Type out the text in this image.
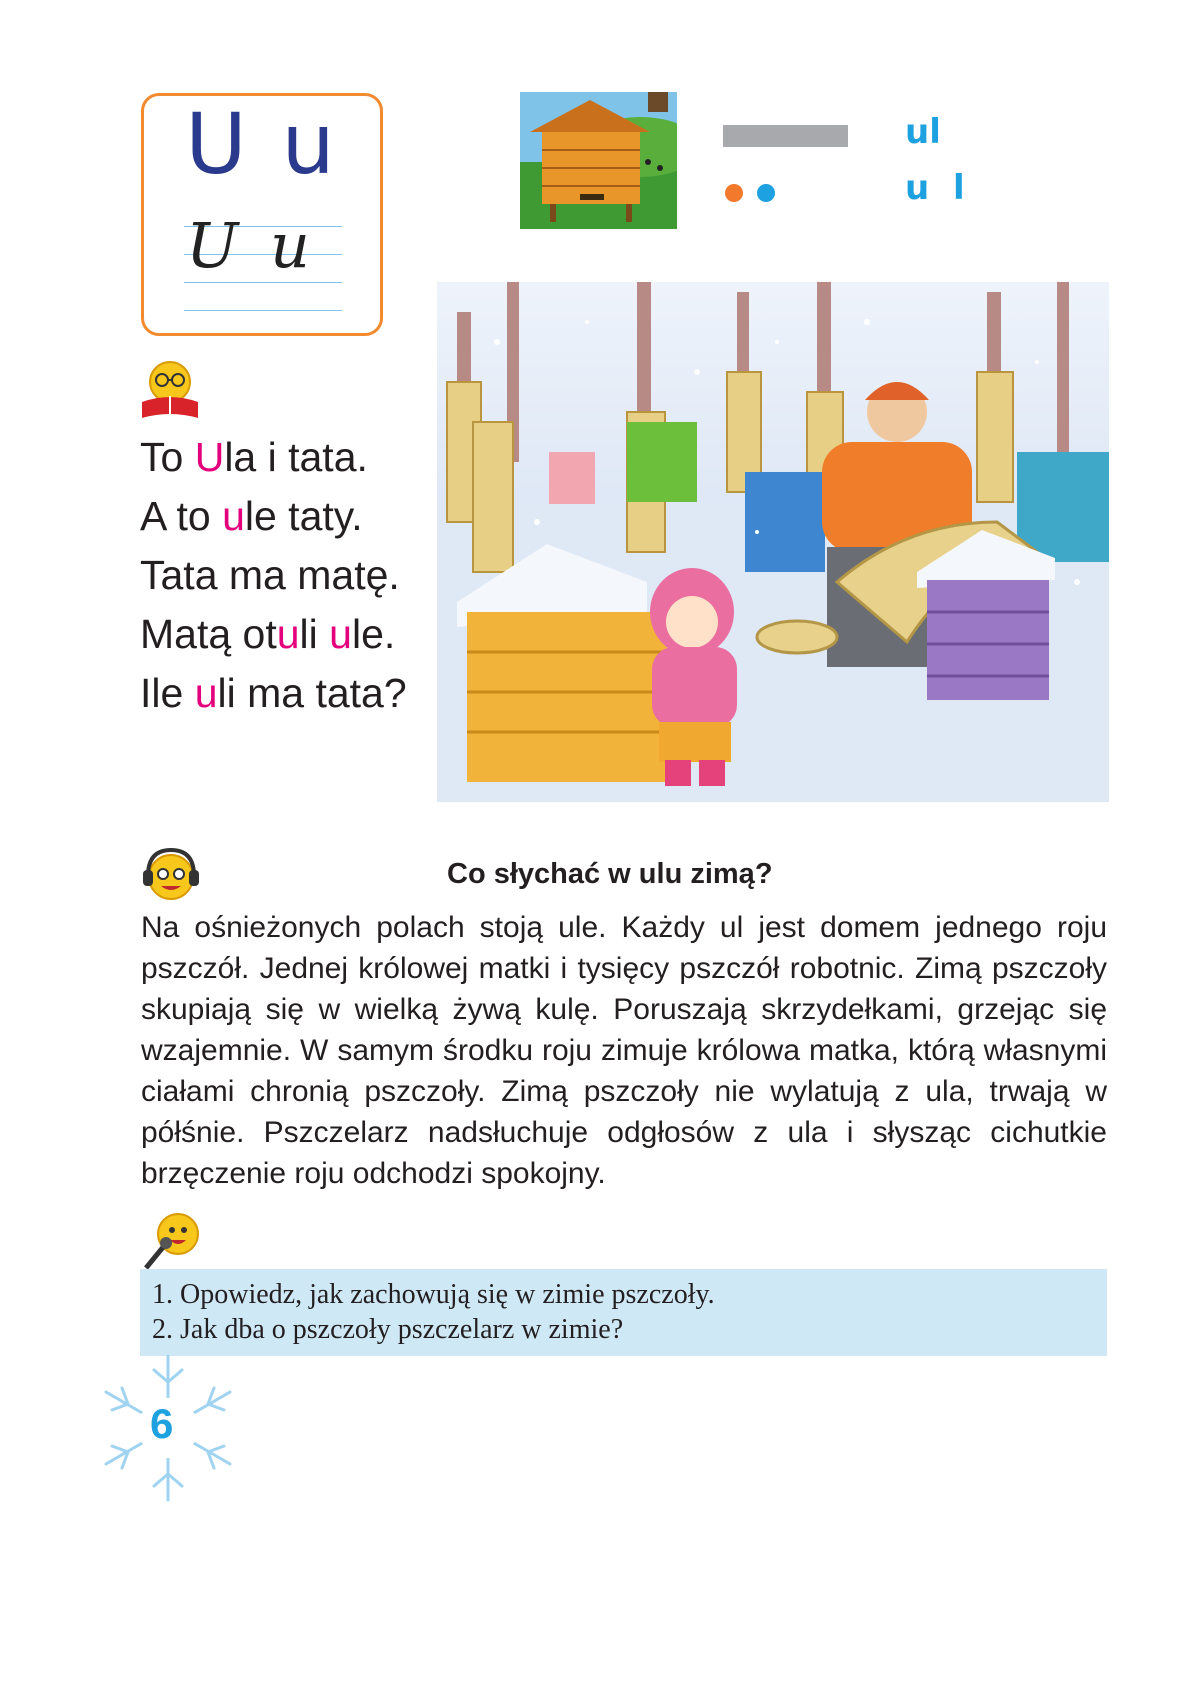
U u
U u
ul
u l
To Ula i tata.
A to ule taty.
Tata ma matę.
Matą otuli ule.
Ile uli ma tata?
Co słychać w ulu zimą?
Na ośnieżonych polach stoją ule. Każdy ul jest domem jednego roju pszczół. Jednej królowej matki i tysięcy pszczół robotnic. Zimą pszczoły skupiają się w wielką żywą kulę. Poruszają skrzydełkami, grzejąc się wzajemnie. W samym środku roju zimuje królowa matka, którą własnymi ciałami chronią pszczoły. Zimą pszczoły nie wylatują z ula, trwają w półśnie. Pszczelarz nadsłuchuje odgłosów z ula i słysząc cichutkie brzęczenie roju odchodzi spokojny.
1. Opowiedz, jak zachowują się w zimie pszczoły.
2. Jak dba o pszczoły pszczelarz w zimie?
6
